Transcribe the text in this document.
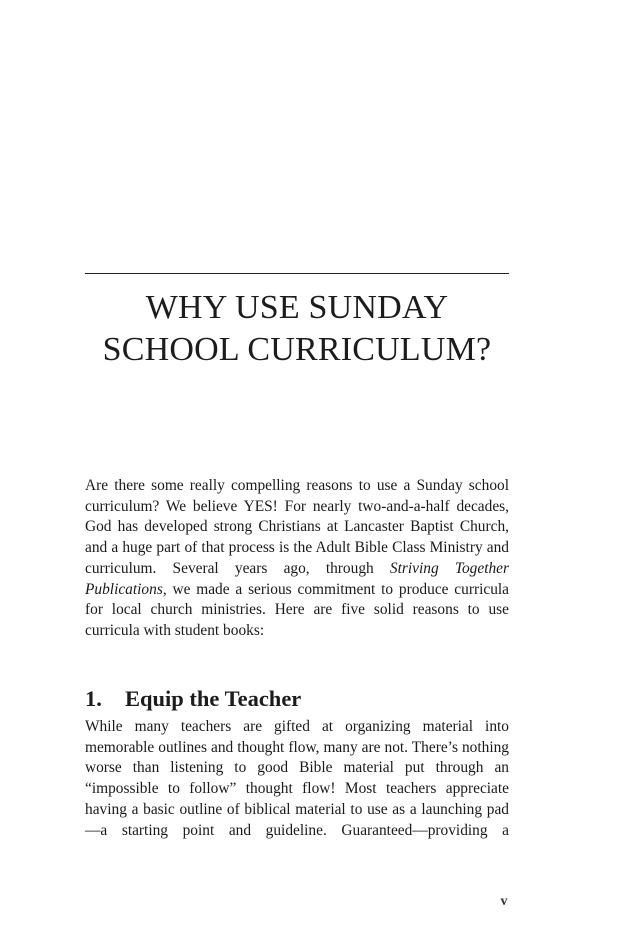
WHY USE SUNDAY
SCHOOL CURRICULUM?

Are there some really compelling reasons to use a Sunday school curriculum? We believe YES! For nearly two-and-a-half decades, God has developed strong Christians at Lancaster Baptist Church, and a huge part of that process is the Adult Bible Class Ministry and curriculum. Several years ago, through Striving Together Publications, we made a serious commitment to produce curricula for local church ministries. Here are five solid reasons to use curricula with student books:

1. Equip the Teacher

While many teachers are gifted at organizing material into memorable outlines and thought flow, many are not. There’s nothing worse than listening to good Bible material put through an “impossible to follow” thought flow! Most teachers appreciate having a basic outline of biblical material to use as a launching pad—a starting point and guideline. Guaranteed—providing a

v
